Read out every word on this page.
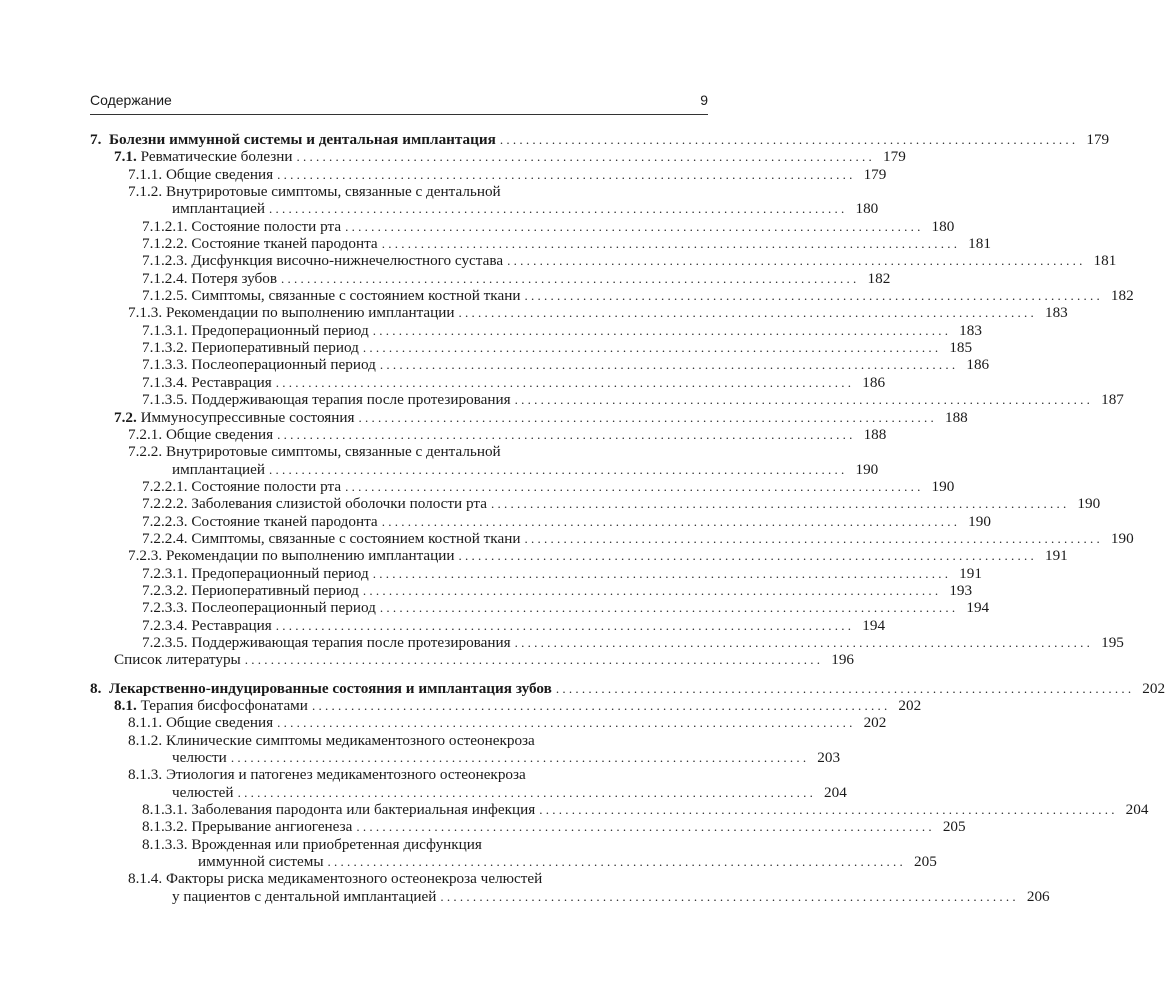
Содержание	9
7. Болезни иммунной системы и дентальная имплантация . . .	179
7.1. Ревматические болезни . . .	179
7.1.1. Общие сведения . . .	179
7.1.2. Внутриротовые симптомы, связанные с дентальной
имплантацией . . .	180
7.1.2.1. Состояние полости рта . . .	180
7.1.2.2. Состояние тканей пародонта . . .	181
7.1.2.3. Дисфункция височно-нижнечелюстного сустава . . .	181
7.1.2.4. Потеря зубов . . .	182
7.1.2.5. Симптомы, связанные с состоянием костной ткани . . .	182
7.1.3. Рекомендации по выполнению имплантации . . .	183
7.1.3.1. Предоперационный период . . .	183
7.1.3.2. Периоперативный период . . .	185
7.1.3.3. Послеоперационный период . . .	186
7.1.3.4. Реставрация . . .	186
7.1.3.5. Поддерживающая терапия после протезирования . . .	187
7.2. Иммуносупрессивные состояния . . .	188
7.2.1. Общие сведения . . .	188
7.2.2. Внутриротовые симптомы, связанные с дентальной
имплантацией . . .	190
7.2.2.1. Состояние полости рта . . .	190
7.2.2.2. Заболевания слизистой оболочки полости рта . . .	190
7.2.2.3. Состояние тканей пародонта . . .	190
7.2.2.4. Симптомы, связанные с состоянием костной ткани . . .	190
7.2.3. Рекомендации по выполнению имплантации . . .	191
7.2.3.1. Предоперационный период . . .	191
7.2.3.2. Периоперативный период . . .	193
7.2.3.3. Послеоперационный период . . .	194
7.2.3.4. Реставрация . . .	194
7.2.3.5. Поддерживающая терапия после протезирования . . .	195
Список литературы . . .	196
8. Лекарственно-индуцированные состояния и имплантация зубов . . .	202
8.1. Терапия бисфосфонатами . . .	202
8.1.1. Общие сведения . . .	202
8.1.2. Клинические симптомы медикаментозного остеонекроза
челюсти . . .	203
8.1.3. Этиология и патогенез медикаментозного остеонекроза
челюстей . . .	204
8.1.3.1. Заболевания пародонта или бактериальная инфекция . . .	204
8.1.3.2. Прерывание ангиогенеза . . .	205
8.1.3.3. Врожденная или приобретенная дисфункция
иммунной системы . . .	205
8.1.4. Факторы риска медикаментозного остеонекроза челюстей
у пациентов с дентальной имплантацией . . .	206
